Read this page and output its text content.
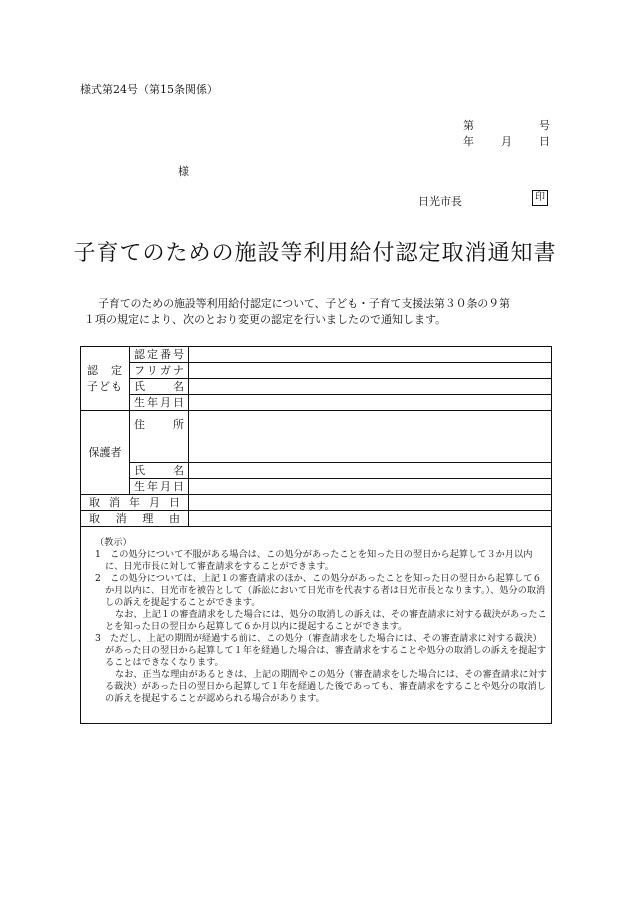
様式第24号（第15条関係）
第	号
年 月 日
様
日光市長	印
子育てのための施設等利用給付認定取消通知書

子育てのための施設等利用給付認定について、子ども・子育て支援法第３０条の９第

１項の規定により、次のとおり変更の認定を行いましたので通知します。

認　定
子ども	認定番号	
	フリガナ	
	氏　　名	
	生年月日	
保護者	住　　所	
	氏　　名	
	生年月日	
取消年月日		
取消理由		

（教示）

1　この処分について不服がある場合は、この処分があったことを知った日の翌日から起算して３か月以内に、日光市長に対して審査請求をすることができます。

2　この処分については、上記１の審査請求のほか、この処分があったことを知った日の翌日から起算して６か月以内に、日光市を被告として（訴訟において日光市を代表する者は日光市長となります。）、処分の取消しの訴えを提起することができます。

なお、上記１の審査請求をした場合には、処分の取消しの訴えは、その審査請求に対する裁決があったことを知った日の翌日から起算して６か月以内に提起することができます。

3　ただし、上記の期間が経過する前に、この処分（審査請求をした場合には、その審査請求に対する裁決）があった日の翌日から起算して１年を経過した場合は、審査請求をすることや処分の取消しの訴えを提起することはできなくなります。

なお、正当な理由があるときは、上記の期間やこの処分（審査請求をした場合には、その審査請求に対する裁決）があった日の翌日から起算して１年を経過した後であっても、審査請求をすることや処分の取消しの訴えを提起することが認められる場合があります。
